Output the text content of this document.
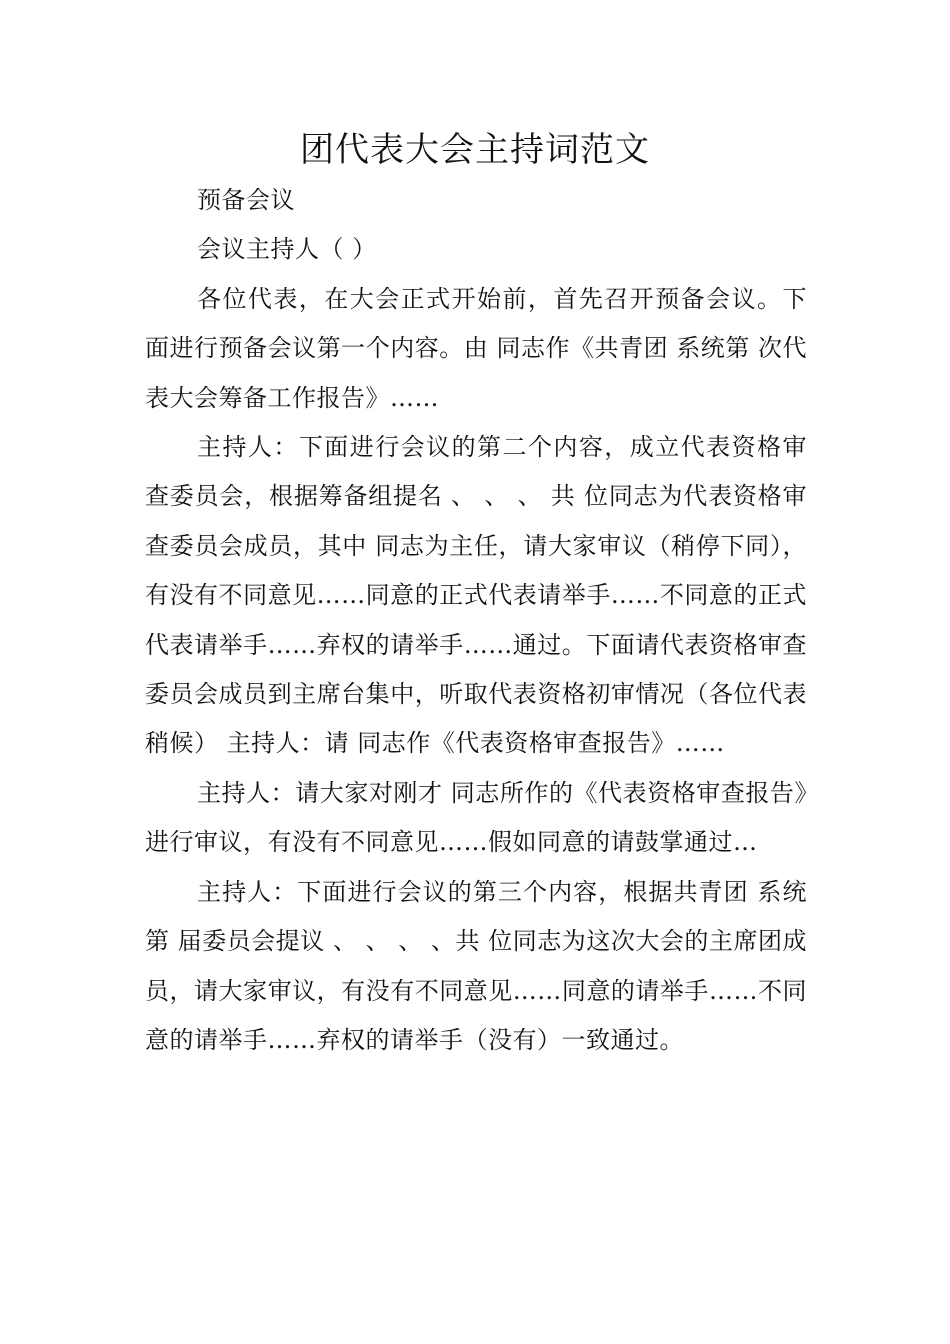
团代表大会主持词范文

预备会议

会议主持人（ ）

各位代表，在大会正式开始前，首先召开预备会议。下面进行预备会议第一个内容。由 同志作《共青团 系统第 次代表大会筹备工作报告》……

主持人：下面进行会议的第二个内容，成立代表资格审查委员会，根据筹备组提名 、 、 、 共 位同志为代表资格审查委员会成员，其中 同志为主任，请大家审议（稍停下同），有没有不同意见……同意的正式代表请举手……不同意的正式代表请举手……弃权的请举手……通过。下面请代表资格审查委员会成员到主席台集中，听取代表资格初审情况（各位代表稍候） 主持人：请 同志作《代表资格审查报告》……

主持人：请大家对刚才 同志所作的《代表资格审查报告》进行审议，有没有不同意见……假如同意的请鼓掌通过…

主持人：下面进行会议的第三个内容，根据共青团 系统第 届委员会提议 、 、 、 、共 位同志为这次大会的主席团成员，请大家审议，有没有不同意见……同意的请举手……不同意的请举手……弃权的请举手（没有）一致通过。
